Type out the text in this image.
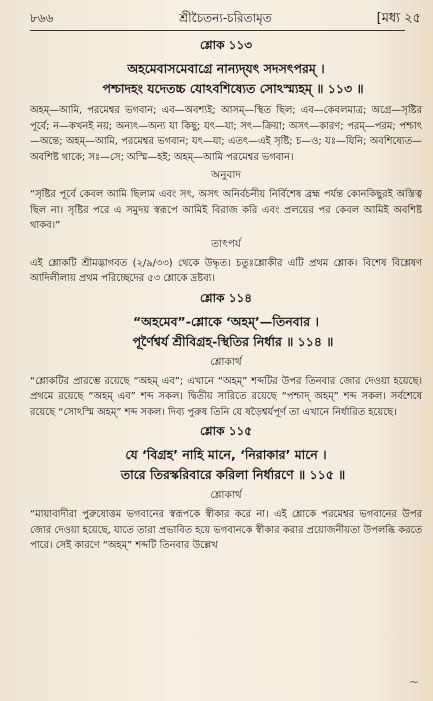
৮৬৬	শ্রীচৈতন্য-চরিতামৃত	[মধ্য ২৫
শ্লোক ১১৩
অহমেবাসমেবাগ্রে নান্যদ্‌যৎ সদসৎপরম্‌ ।
পশ্চাদহং যদেতচ্চ যোঽবশিষ্যেত সোঽস্ম্যহম্‌ ॥ ১১৩ ॥
অহম্‌—আমি, পরমেশ্বর ভগবান; এব—অবশ্যই; আসম্‌—স্থিত ছিল; এব—কেবলমাত্র; অগ্রে—সৃষ্টির পূর্বে; ন—কখনই নয়; অন্যৎ—অন্য যা কিছু; যৎ—যা; সৎ—ক্রিয়া; অসৎ—কারণ; পরম্‌—পরম; পশ্চাৎ—অন্তে; অহম্‌—আমি, পরমেশ্বর ভগবান; যৎ—যা; এতৎ—এই সৃষ্টি; চ—ও; যঃ—যিনি; অবশিষ্যেত—অবশিষ্ট থাকে; সঃ—সে; অস্মি—হই; অহম্‌—আমি পরমেশ্বর ভগবান।
অনুবাদ
“সৃষ্টির পূর্বে কেবল আমি ছিলাম এবং সৎ, অসৎ অনির্বচনীয় নির্বিশেষ ব্রহ্ম পর্যন্ত কোনকিছুরই অস্তিত্ব ছিল না। সৃষ্টির পরে এ সমুদয় স্বরূপে আমিই বিরাজ করি এবং প্রলয়ের পর কেবল আমিই অবশিষ্ট থাকব।”
তাৎপর্য
এই শ্লোকটি শ্রীমদ্ভাগবত (২/৯/৩৩) থেকে উদ্ধৃত। চতুঃশ্লোকীর এটি প্রথম শ্লোক। বিশেষ বিশ্লেষণ আদিলীলায় প্রথম পরিচ্ছেদের ৫৩ শ্লোকে দ্রষ্টব্য।
শ্লোক ১১৪
“অহমেব”-শ্লোকে ‘অহম্‌’—তিনবার ।
পূর্ণৈশ্বর্য শ্রীবিগ্রহ-স্থিতির নির্ধার ॥ ১১৪ ॥
শ্লোকার্থ
“শ্লোকটির প্রারম্ভে রয়েছে “অহম্‌ এব”; এখানে “অহম্‌” শব্দটির উপর তিনবার জোর দেওয়া হয়েছে। প্রথমে রয়েছে “অহম্‌ এব” শব্দ সকল। দ্বিতীয় সারিতে রয়েছে “পশ্চাদ্‌ অহম্‌” শব্দ সকল। সর্বশেষে রয়েছে “সোঽস্মি অহম্‌” শব্দ সকল। দিব্য পুরুষ তিনি যে ষড়ৈশ্বর্যপূর্ণ তা এখানে নির্ধারিত হয়েছে।
শ্লোক ১১৫
যে ‘বিগ্রহ’ নাহি মানে, ‘নিরাকার’ মানে ।
তারে তিরস্করিবারে করিলা নির্ধারণে ॥ ১১৫ ॥
শ্লোকার্থ
“মায়াবাদীরা পুরুষোত্তম ভগবানের স্বরূপকে স্বীকার করে না। এই শ্লোকে পরমেশ্বর ভগবানের উপর জোর দেওয়া হয়েছে, যাতে তারা প্রভাবিত হয়ে ভগবানকে স্বীকার করার প্রয়োজনীয়তা উপলব্ধি করতে পারে। সেই কারণে “অহম্‌” শব্দটি তিনবার উল্লেখ
~
